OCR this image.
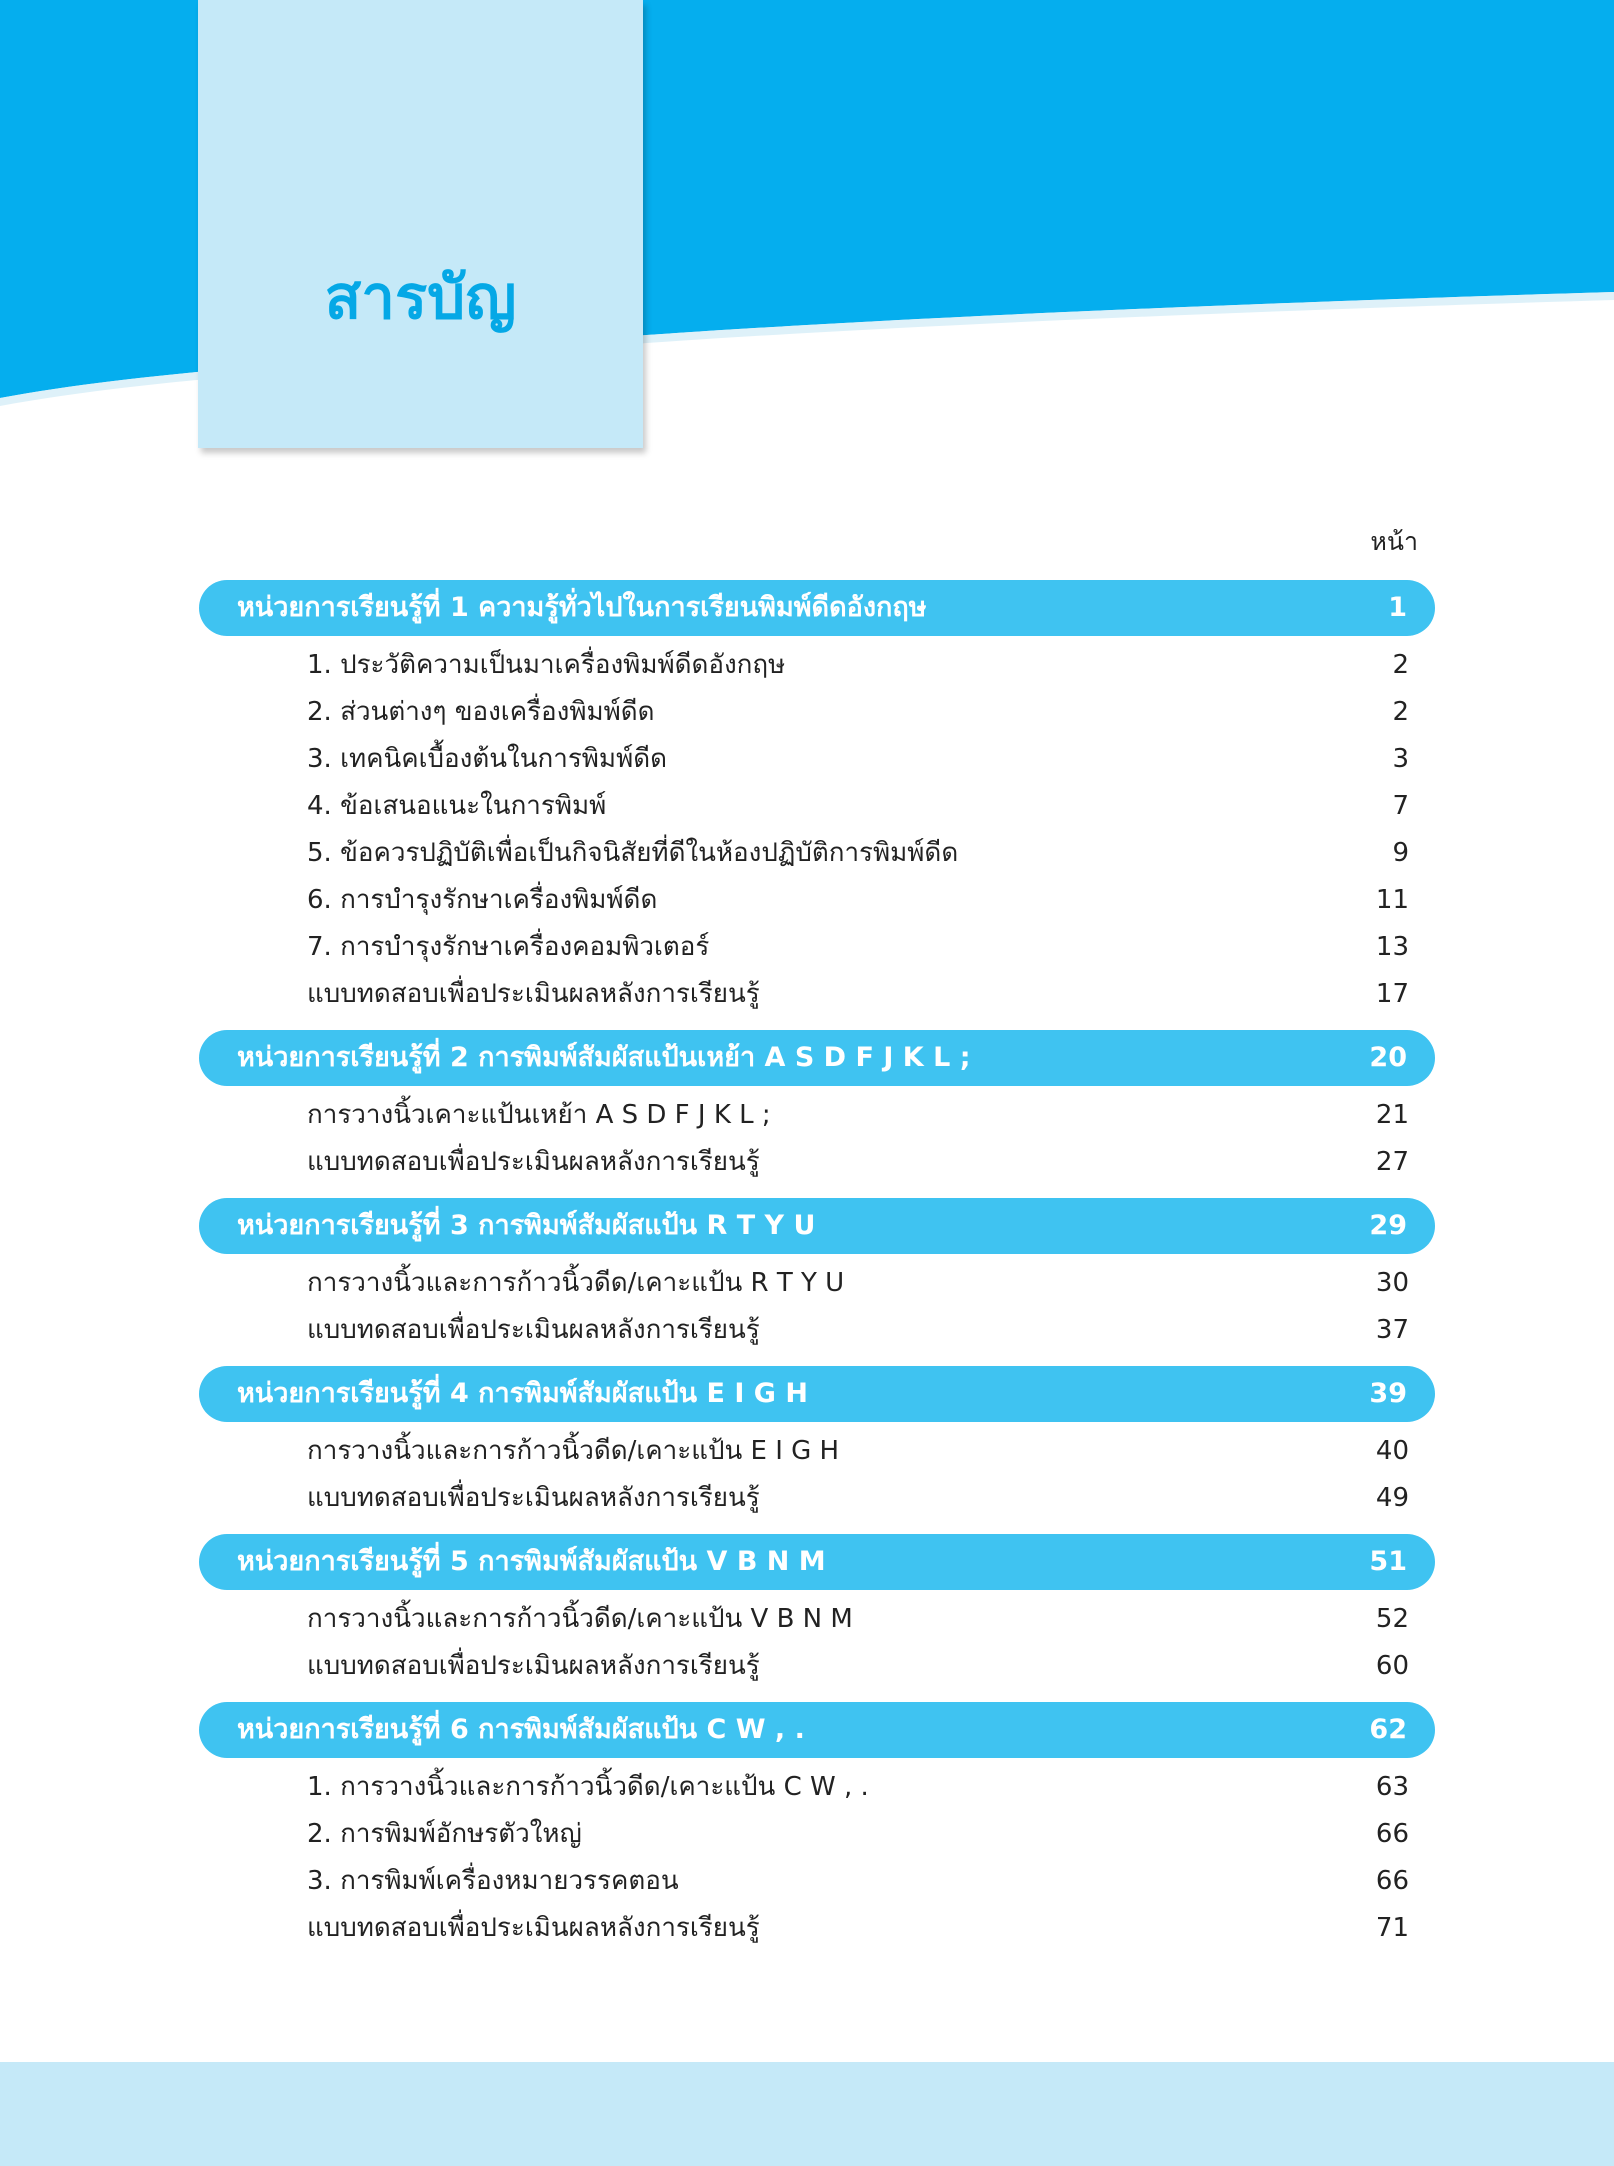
สารบัญ
หน้า
หน่วยการเรียนรู้ที่ 1 ความรู้ทั่วไปในการเรียนพิมพ์ดีดอังกฤษ	1
1. ประวัติความเป็นมาเครื่องพิมพ์ดีดอังกฤษ	2
2. ส่วนต่างๆ ของเครื่องพิมพ์ดีด	2
3. เทคนิคเบื้องต้นในการพิมพ์ดีด	3
4. ข้อเสนอแนะในการพิมพ์	7
5. ข้อควรปฏิบัติเพื่อเป็นกิจนิสัยที่ดีในห้องปฏิบัติการพิมพ์ดีด	9
6. การบำรุงรักษาเครื่องพิมพ์ดีด	11
7. การบำรุงรักษาเครื่องคอมพิวเตอร์	13
แบบทดสอบเพื่อประเมินผลหลังการเรียนรู้	17
หน่วยการเรียนรู้ที่ 2 การพิมพ์สัมผัสแป้นเหย้า A S D F J K L ;	20
การวางนิ้วเคาะแป้นเหย้า A S D F J K L ;	21
แบบทดสอบเพื่อประเมินผลหลังการเรียนรู้	27
หน่วยการเรียนรู้ที่ 3 การพิมพ์สัมผัสแป้น R T Y U	29
การวางนิ้วและการก้าวนิ้วดีด/เคาะแป้น R T Y U	30
แบบทดสอบเพื่อประเมินผลหลังการเรียนรู้	37
หน่วยการเรียนรู้ที่ 4 การพิมพ์สัมผัสแป้น E I G H	39
การวางนิ้วและการก้าวนิ้วดีด/เคาะแป้น E I G H	40
แบบทดสอบเพื่อประเมินผลหลังการเรียนรู้	49
หน่วยการเรียนรู้ที่ 5 การพิมพ์สัมผัสแป้น V B N M	51
การวางนิ้วและการก้าวนิ้วดีด/เคาะแป้น V B N M	52
แบบทดสอบเพื่อประเมินผลหลังการเรียนรู้	60
หน่วยการเรียนรู้ที่ 6 การพิมพ์สัมผัสแป้น C W , .	62
1. การวางนิ้วและการก้าวนิ้วดีด/เคาะแป้น C W , .	63
2. การพิมพ์อักษรตัวใหญ่	66
3. การพิมพ์เครื่องหมายวรรคตอน	66
แบบทดสอบเพื่อประเมินผลหลังการเรียนรู้	71
